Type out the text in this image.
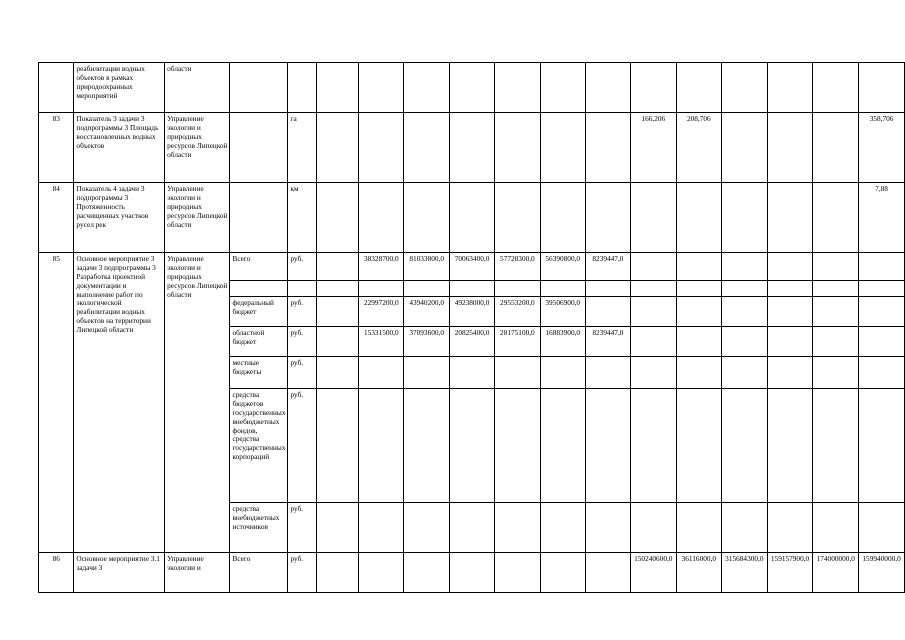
	реабилитации водных объектов в рамках природоохранных мероприятий	области															
83	Показатель 3 задачи 3 подпрограммы 3 Площадь восстановленных водных объектов	Управление экологии и природных ресурсов Липецкой области		га								166,206	208,706				358,706
84	Показатель 4 задачи 3 подпрограммы 3 Протяженность расчищенных участков русел рек	Управление экологии и природных ресурсов Липецкой области		км													7,88
85	Основное мероприятие 3 задачи 3 подпрограммы 3 Разработка проектной документации и выполнение работ по экологической реабилитации водных объектов на территории Липецкой области	Управление экологии и природных ресурсов Липецкой области	Всего	руб.		38328700,0	81033800,0	70063400,0	57728300,0	56390800,0	8239447,0						

			федеральный бюджет	руб.		22997200,0	43940200,0	49238000,0	29553200,0	39506900,0							
			областной бюджет	руб.		15331500,0	37093600,0	20825400,0	28175100,0	16883900,0	8239447,0						
			местные бюджеты	руб.													
			средства бюджетов государственных внебюджетных фондов, средства государственных корпораций	руб.													
			средства внебюджетных источников	руб.													
86	Основное мероприятие 3.1 задачи 3	Управление экологии и	Всего	руб.								150240600,0	36116000,0	315684300,0	159157900,0	174000000,0	159940000,0
